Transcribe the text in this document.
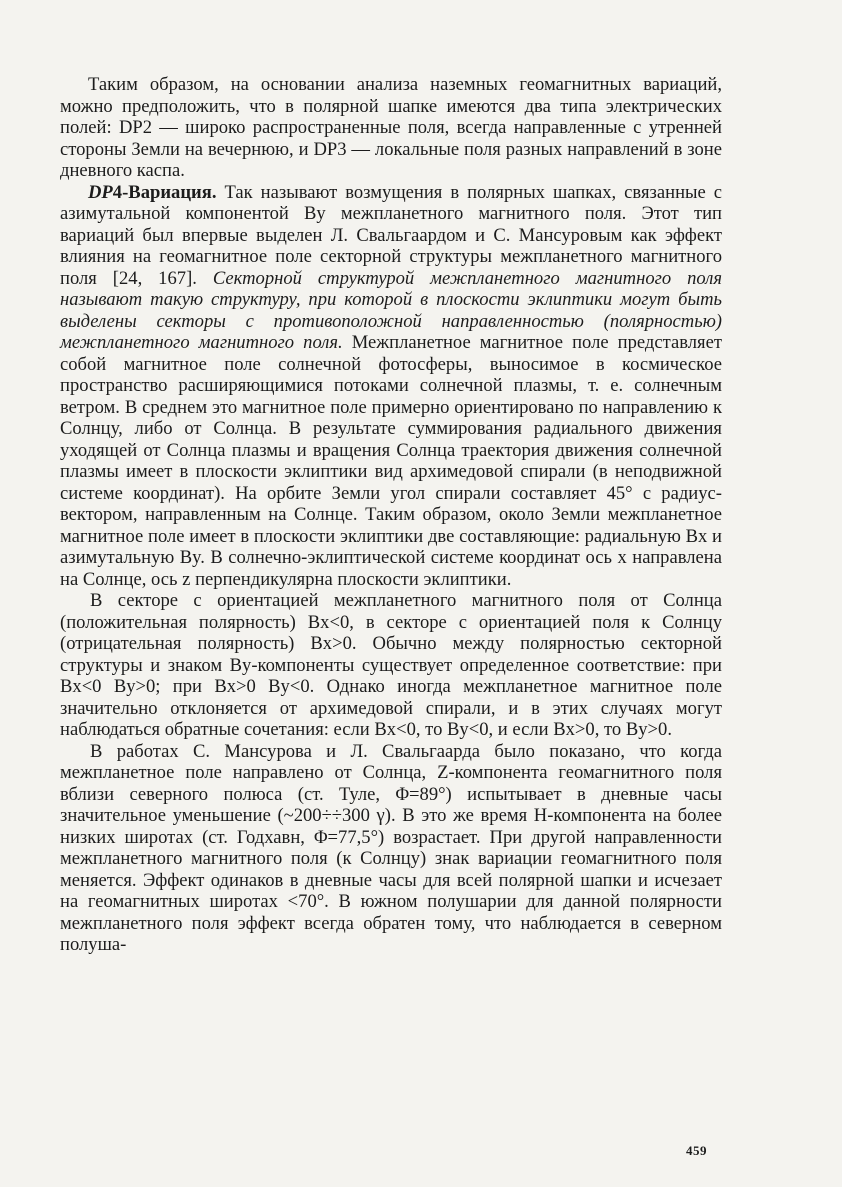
Таким образом, на основании анализа наземных геомагнитных вариаций, можно предположить, что в полярной шапке имеются два типа электрических полей: DP2 — широко распространенные поля, всегда направленные с утренней стороны Земли на вечернюю, и DP3 — локальные поля разных направлений в зоне дневного каспа.

DP4-Вариация. Так называют возмущения в полярных шапках, связанные с азимутальной компонентой By межпланетного магнитного поля. Этот тип вариаций был впервые выделен Л. Свальгаардом и С. Мансуровым как эффект влияния на геомагнитное поле секторной структуры межпланетного магнитного поля [24, 167]. Секторной структурой межпланетного магнитного поля называют такую структуру, при которой в плоскости эклиптики могут быть выделены секторы с противоположной направленностью (полярностью) межпланетного магнитного поля. Межпланетное магнитное поле представляет собой магнитное поле солнечной фотосферы, выносимое в космическое пространство расширяющимися потоками солнечной плазмы, т. е. солнечным ветром. В среднем это магнитное поле примерно ориентировано по направлению к Солнцу, либо от Солнца. В результате суммирования радиального движения уходящей от Солнца плазмы и вращения Солнца траектория движения солнечной плазмы имеет в плоскости эклиптики вид архимедовой спирали (в неподвижной системе координат). На орбите Земли угол спирали составляет 45° с радиус-вектором, направленным на Солнце. Таким образом, около Земли межпланетное магнитное поле имеет в плоскости эклиптики две составляющие: радиальную Bx и азимутальную By. В солнечно-эклиптической системе координат ось x направлена на Солнце, ось z перпендикулярна плоскости эклиптики.

В секторе с ориентацией межпланетного магнитного поля от Солнца (положительная полярность) Bx<0, в секторе с ориентацией поля к Солнцу (отрицательная полярность) Bx>0. Обычно между полярностью секторной структуры и знаком By-компоненты существует определенное соответствие: при Bx<0 By>0; при Bx>0 By<0. Однако иногда межпланетное магнитное поле значительно отклоняется от архимедовой спирали, и в этих случаях могут наблюдаться обратные сочетания: если Bx<0, то By<0, и если Bx>0, то By>0.

В работах С. Мансурова и Л. Свальгаарда было показано, что когда межпланетное поле направлено от Солнца, Z-компонента геомагнитного поля вблизи северного полюса (ст. Туле, Φ=89°) испытывает в дневные часы значительное уменьшение (~200÷÷300 γ). В это же время H-компонента на более низких широтах (ст. Годхавн, Φ=77,5°) возрастает. При другой направленности межпланетного магнитного поля (к Солнцу) знак вариации геомагнитного поля меняется. Эффект одинаков в дневные часы для всей полярной шапки и исчезает на геомагнитных широтах <70°. В южном полушарии для данной полярности межпланетного поля эффект всегда обратен тому, что наблюдается в северном полуша-

459
